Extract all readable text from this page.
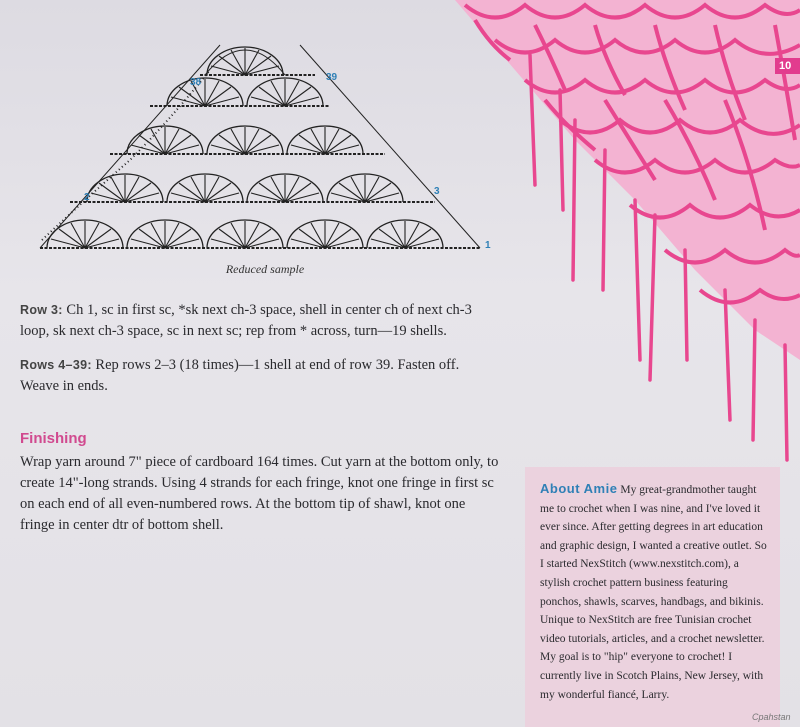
38	39
3
2
1
Reduced sample
Row 3: Ch 1, sc in first sc, *sk next ch-3 space, shell in center ch of next ch-3 loop, sk next ch-3 space, sc in next sc; rep from * across, turn—19 shells.
Rows 4–39: Rep rows 2–3 (18 times)—1 shell at end of row 39. Fasten off. Weave in ends.
Finishing
Wrap yarn around 7" piece of cardboard 164 times. Cut yarn at the bottom only, to create 14"-long strands. Using 4 strands for each fringe, knot one fringe in first sc on each end of all even-numbered rows. At the bottom tip of shawl, knot one fringe in center dtr of bottom shell.
10
About Amie My great-grandmother taught me to crochet when I was nine, and I've loved it ever since. After getting degrees in art education and graphic design, I wanted a creative outlet. So I started NexStitch (www.nexstitch.com), a stylish crochet pattern business featuring ponchos, shawls, scarves, handbags, and bikinis. Unique to NexStitch are free Tunisian crochet video tutorials, articles, and a crochet newsletter. My goal is to "hip" everyone to crochet! I currently live in Scotch Plains, New Jersey, with my wonderful fiancé, Larry.
Cpahstan
